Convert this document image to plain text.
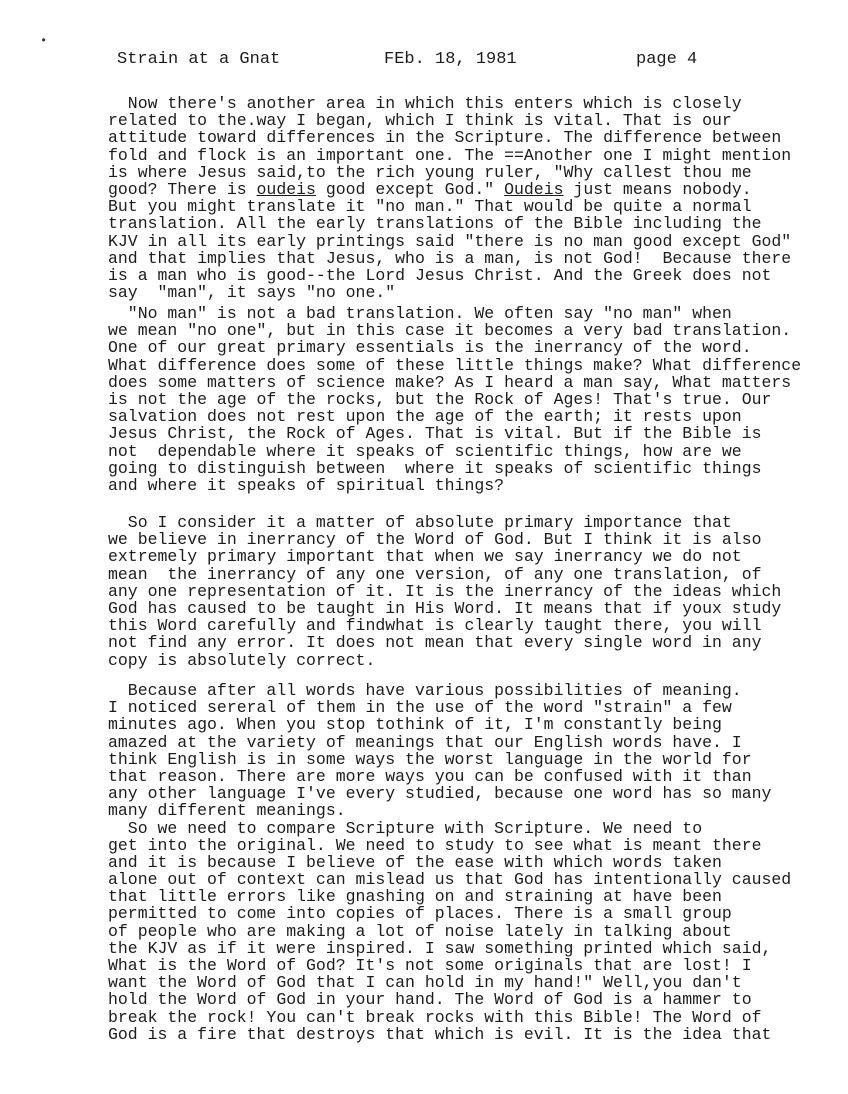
Strain at a Gnat	FEb. 18, 1981	page 4
•
Now there's another area in which this enters which is closely
related to the.way I began, which I think is vital. That is our
attitude toward differences in the Scripture. The difference between
fold and flock is an important one. The ==Another one I might mention
is where Jesus said,to the rich young ruler, "Why callest thou me
good? There is oudeis good except God." Oudeis just means nobody.
But you might translate it "no man." That would be quite a normal
translation. All the early translations of the Bible including the
KJV in all its early printings said "there is no man good except God"
and that implies that Jesus, who is a man, is not God!  Because there
is a man who is good--the Lord Jesus Christ. And the Greek does not
say  "man", it says "no one."
"No man" is not a bad translation. We often say "no man" when
we mean "no one", but in this case it becomes a very bad translation.
One of our great primary essentials is the inerrancy of the word.
What difference does some of these little things make? What difference
does some matters of science make? As I heard a man say, What matters
is not the age of the rocks, but the Rock of Ages! That's true. Our
salvation does not rest upon the age of the earth; it rests upon
Jesus Christ, the Rock of Ages. That is vital. But if the Bible is
not  dependable where it speaks of scientific things, how are we
going to distinguish between  where it speaks of scientific things
and where it speaks of spiritual things?
So I consider it a matter of absolute primary importance that
we believe in inerrancy of the Word of God. But I think it is also
extremely primary important that when we say inerrancy we do not
mean  the inerrancy of any one version, of any one translation, of
any one representation of it. It is the inerrancy of the ideas which
God has caused to be taught in His Word. It means that if youx study
this Word carefully and findwhat is clearly taught there, you will
not find any error. It does not mean that every single word in any
copy is absolutely correct.
Because after all words have various possibilities of meaning.
I noticed sereral of them in the use of the word "strain" a few
minutes ago. When you stop tothink of it, I'm constantly being
amazed at the variety of meanings that our English words have. I
think English is in some ways the worst language in the world for
that reason. There are more ways you can be confused with it than
any other language I've every studied, because one word has so many
many different meanings.
So we need to compare Scripture with Scripture. We need to
get into the original. We need to study to see what is meant there
and it is because I believe of the ease with which words taken
alone out of context can mislead us that God has intentionally caused
that little errors like gnashing on and straining at have been
permitted to come into copies of places. There is a small group
of people who are making a lot of noise lately in talking about
the KJV as if it were inspired. I saw something printed which said,
What is the Word of God? It's not some originals that are lost! I
want the Word of God that I can hold in my hand!" Well,you dan't
hold the Word of God in your hand. The Word of God is a hammer to
break the rock! You can't break rocks with this Bible! The Word of
God is a fire that destroys that which is evil. It is the idea that
